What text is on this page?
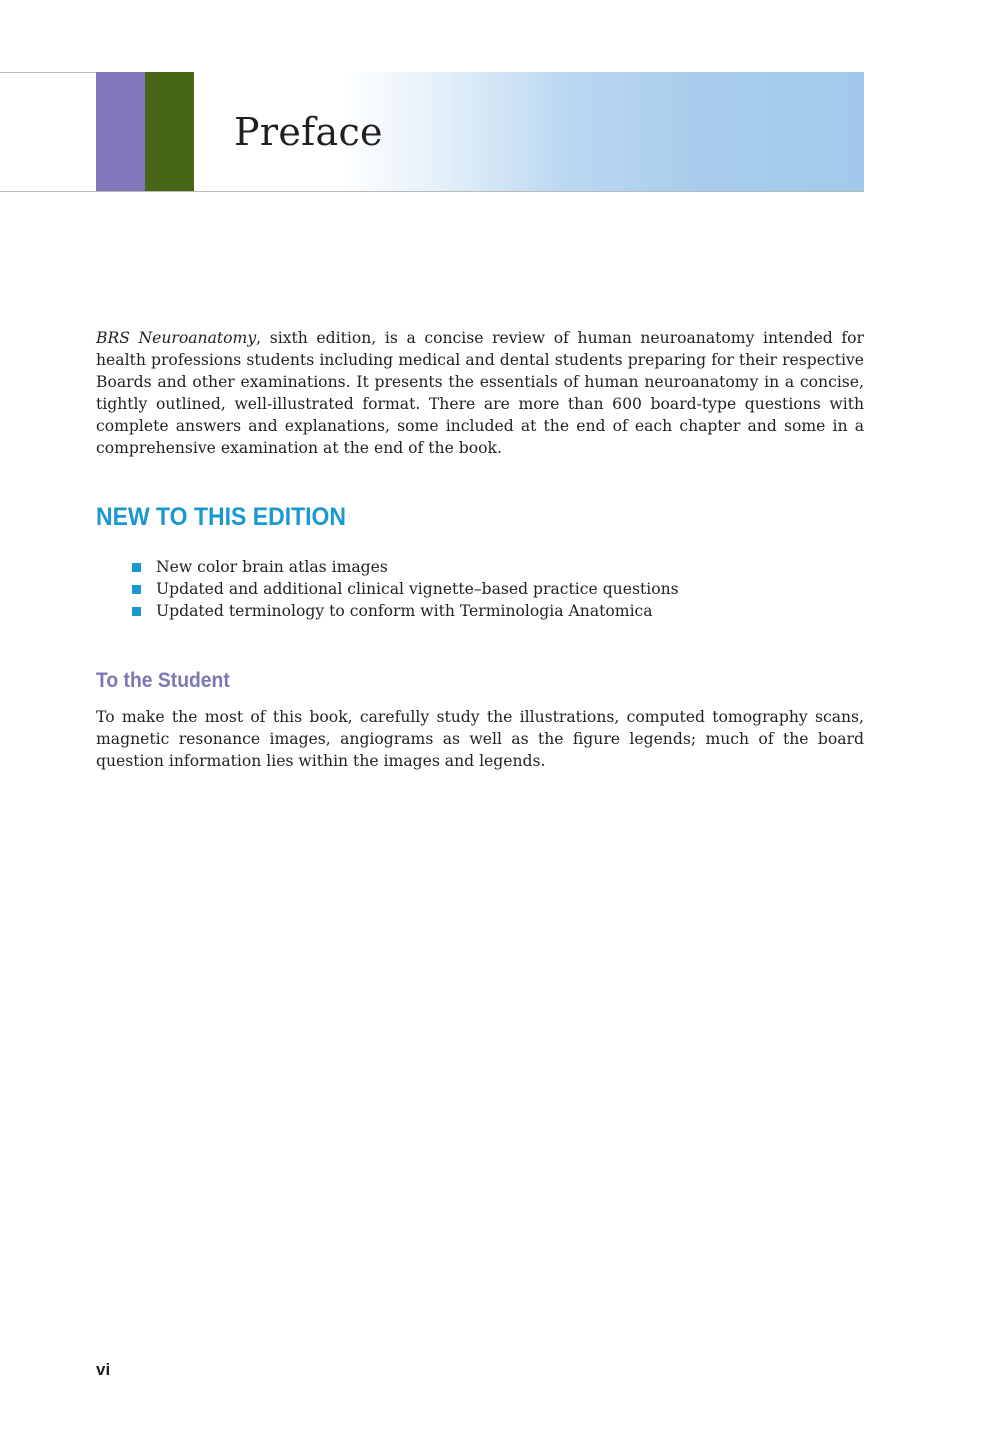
Preface

BRS Neuroanatomy, sixth edition, is a concise review of human neuroanatomy intended for health professions students including medical and dental students preparing for their respective Boards and other examinations. It presents the essentials of human neuroanatomy in a concise, tightly outlined, well-illustrated format. There are more than 600 board-type questions with complete answers and explanations, some included at the end of each chapter and some in a comprehensive examination at the end of the book.

NEW TO THIS EDITION
New color brain atlas images
Updated and additional clinical vignette–based practice questions
Updated terminology to conform with Terminologia Anatomica
To the Student

To make the most of this book, carefully study the illustrations, computed tomography scans, magnetic resonance images, angiograms as well as the figure legends; much of the board question information lies within the images and legends.

vi
